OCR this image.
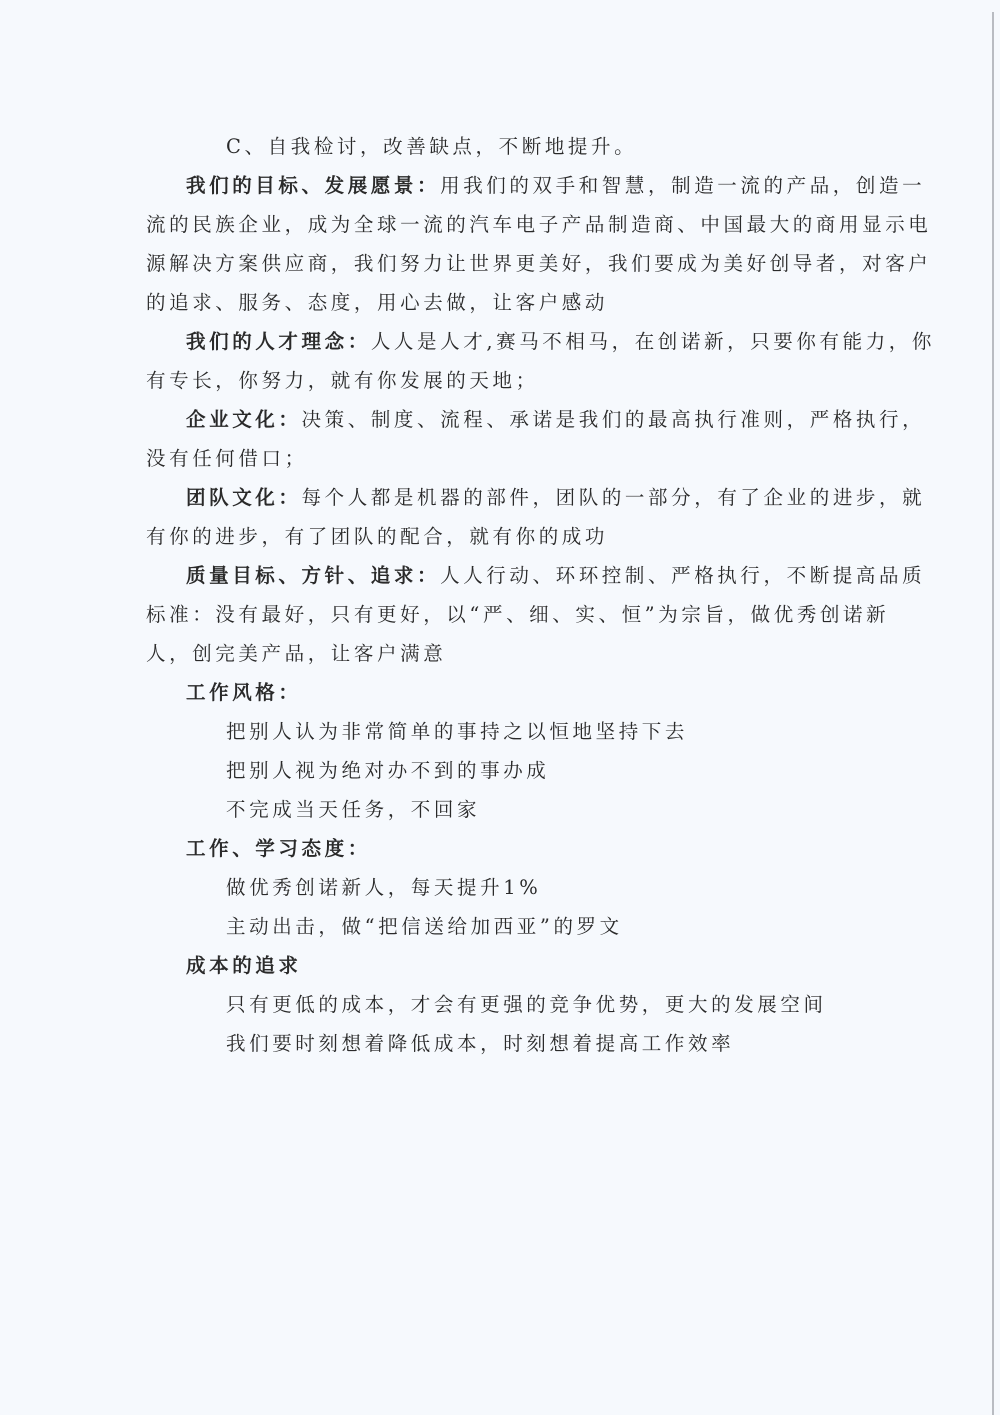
C、自我检讨，改善缺点，不断地提升。
我们的目标、发展愿景：用我们的双手和智慧，制造一流的产品，创造一
流的民族企业，成为全球一流的汽车电子产品制造商、中国最大的商用显示电
源解决方案供应商，我们努力让世界更美好，我们要成为美好创导者，对客户
的追求、服务、态度，用心去做，让客户感动
我们的人才理念：人人是人才,赛马不相马，在创诺新，只要你有能力，你
有专长，你努力，就有你发展的天地；
企业文化：决策、制度、流程、承诺是我们的最高执行准则，严格执行，
没有任何借口；
团队文化：每个人都是机器的部件，团队的一部分，有了企业的进步，就
有你的进步，有了团队的配合，就有你的成功
质量目标、方针、追求：人人行动、环环控制、严格执行，不断提高品质
标准：没有最好，只有更好，以“严、细、实、恒”为宗旨，做优秀创诺新
人，创完美产品，让客户满意
工作风格：
把别人认为非常简单的事持之以恒地坚持下去
把别人视为绝对办不到的事办成
不完成当天任务，不回家
工作、学习态度：
做优秀创诺新人，每天提升1%
主动出击，做“把信送给加西亚”的罗文
成本的追求
只有更低的成本，才会有更强的竞争优势，更大的发展空间
我们要时刻想着降低成本，时刻想着提高工作效率
